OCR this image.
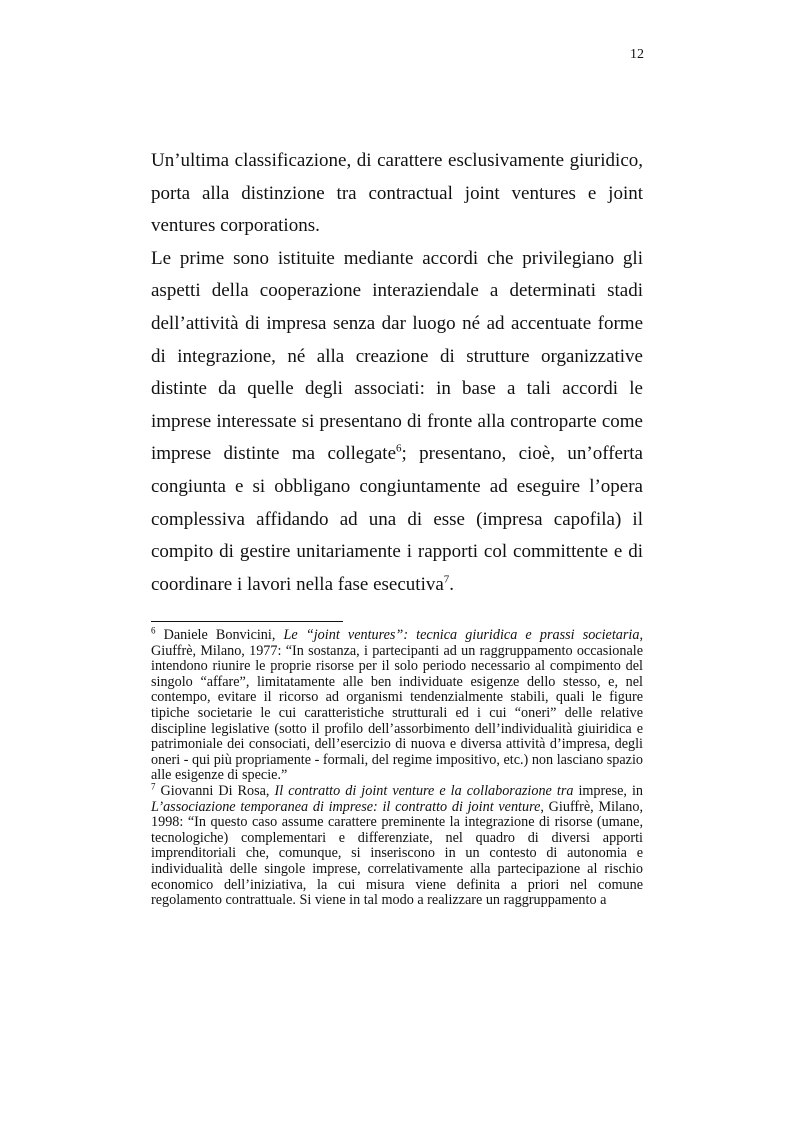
12

Un’ultima classificazione, di carattere esclusivamente giuridico, porta alla distinzione tra contractual joint ventures e joint ventures corporations.

Le prime sono istituite mediante accordi che privilegiano gli aspetti della cooperazione interaziendale a determinati stadi dell’attività di impresa senza dar luogo né ad accentuate forme di integrazione, né alla creazione di strutture organizzative distinte da quelle degli associati: in base a tali accordi le imprese interessate si presentano di fronte alla controparte come imprese distinte ma collegate$^6$; presentano, cioè, un’offerta congiunta e si obbligano congiuntamente ad eseguire l’opera complessiva affidando ad una di esse (impresa capofila) il compito di gestire unitariamente i rapporti col committente e di coordinare i lavori nella fase esecutiva$^7$.

$^6$ Daniele Bonvicini, Le “joint ventures”: tecnica giuridica e prassi societaria, Giuffrè, Milano, 1977: “In sostanza, i partecipanti ad un raggruppamento occasionale intendono riunire le proprie risorse per il solo periodo necessario al compimento del singolo “affare”, limitatamente alle ben individuate esigenze dello stesso, e, nel contempo, evitare il ricorso ad organismi tendenzialmente stabili, quali le figure tipiche societarie le cui caratteristiche strutturali ed i cui “oneri” delle relative discipline legislative (sotto il profilo dell’assorbimento dell’individualità giuiridica e patrimoniale dei consociati, dell’esercizio di nuova e diversa attività d’impresa, degli oneri - qui più propriamente - formali, del regime impositivo, etc.) non lasciano spazio alle esigenze di specie.”

$^7$ Giovanni Di Rosa, Il contratto di joint venture e la collaborazione tra imprese, in L’associazione temporanea di imprese: il contratto di joint venture, Giuffrè, Milano, 1998: “In questo caso assume carattere preminente la integrazione di risorse (umane, tecnologiche) complementari e differenziate, nel quadro di diversi apporti imprenditoriali che, comunque, si inseriscono in un contesto di autonomia e individualità delle singole imprese, correlativamente alla partecipazione al rischio economico dell’iniziativa, la cui misura viene definita a priori nel comune regolamento contrattuale. Si viene in tal modo a realizzare un raggruppamento a
